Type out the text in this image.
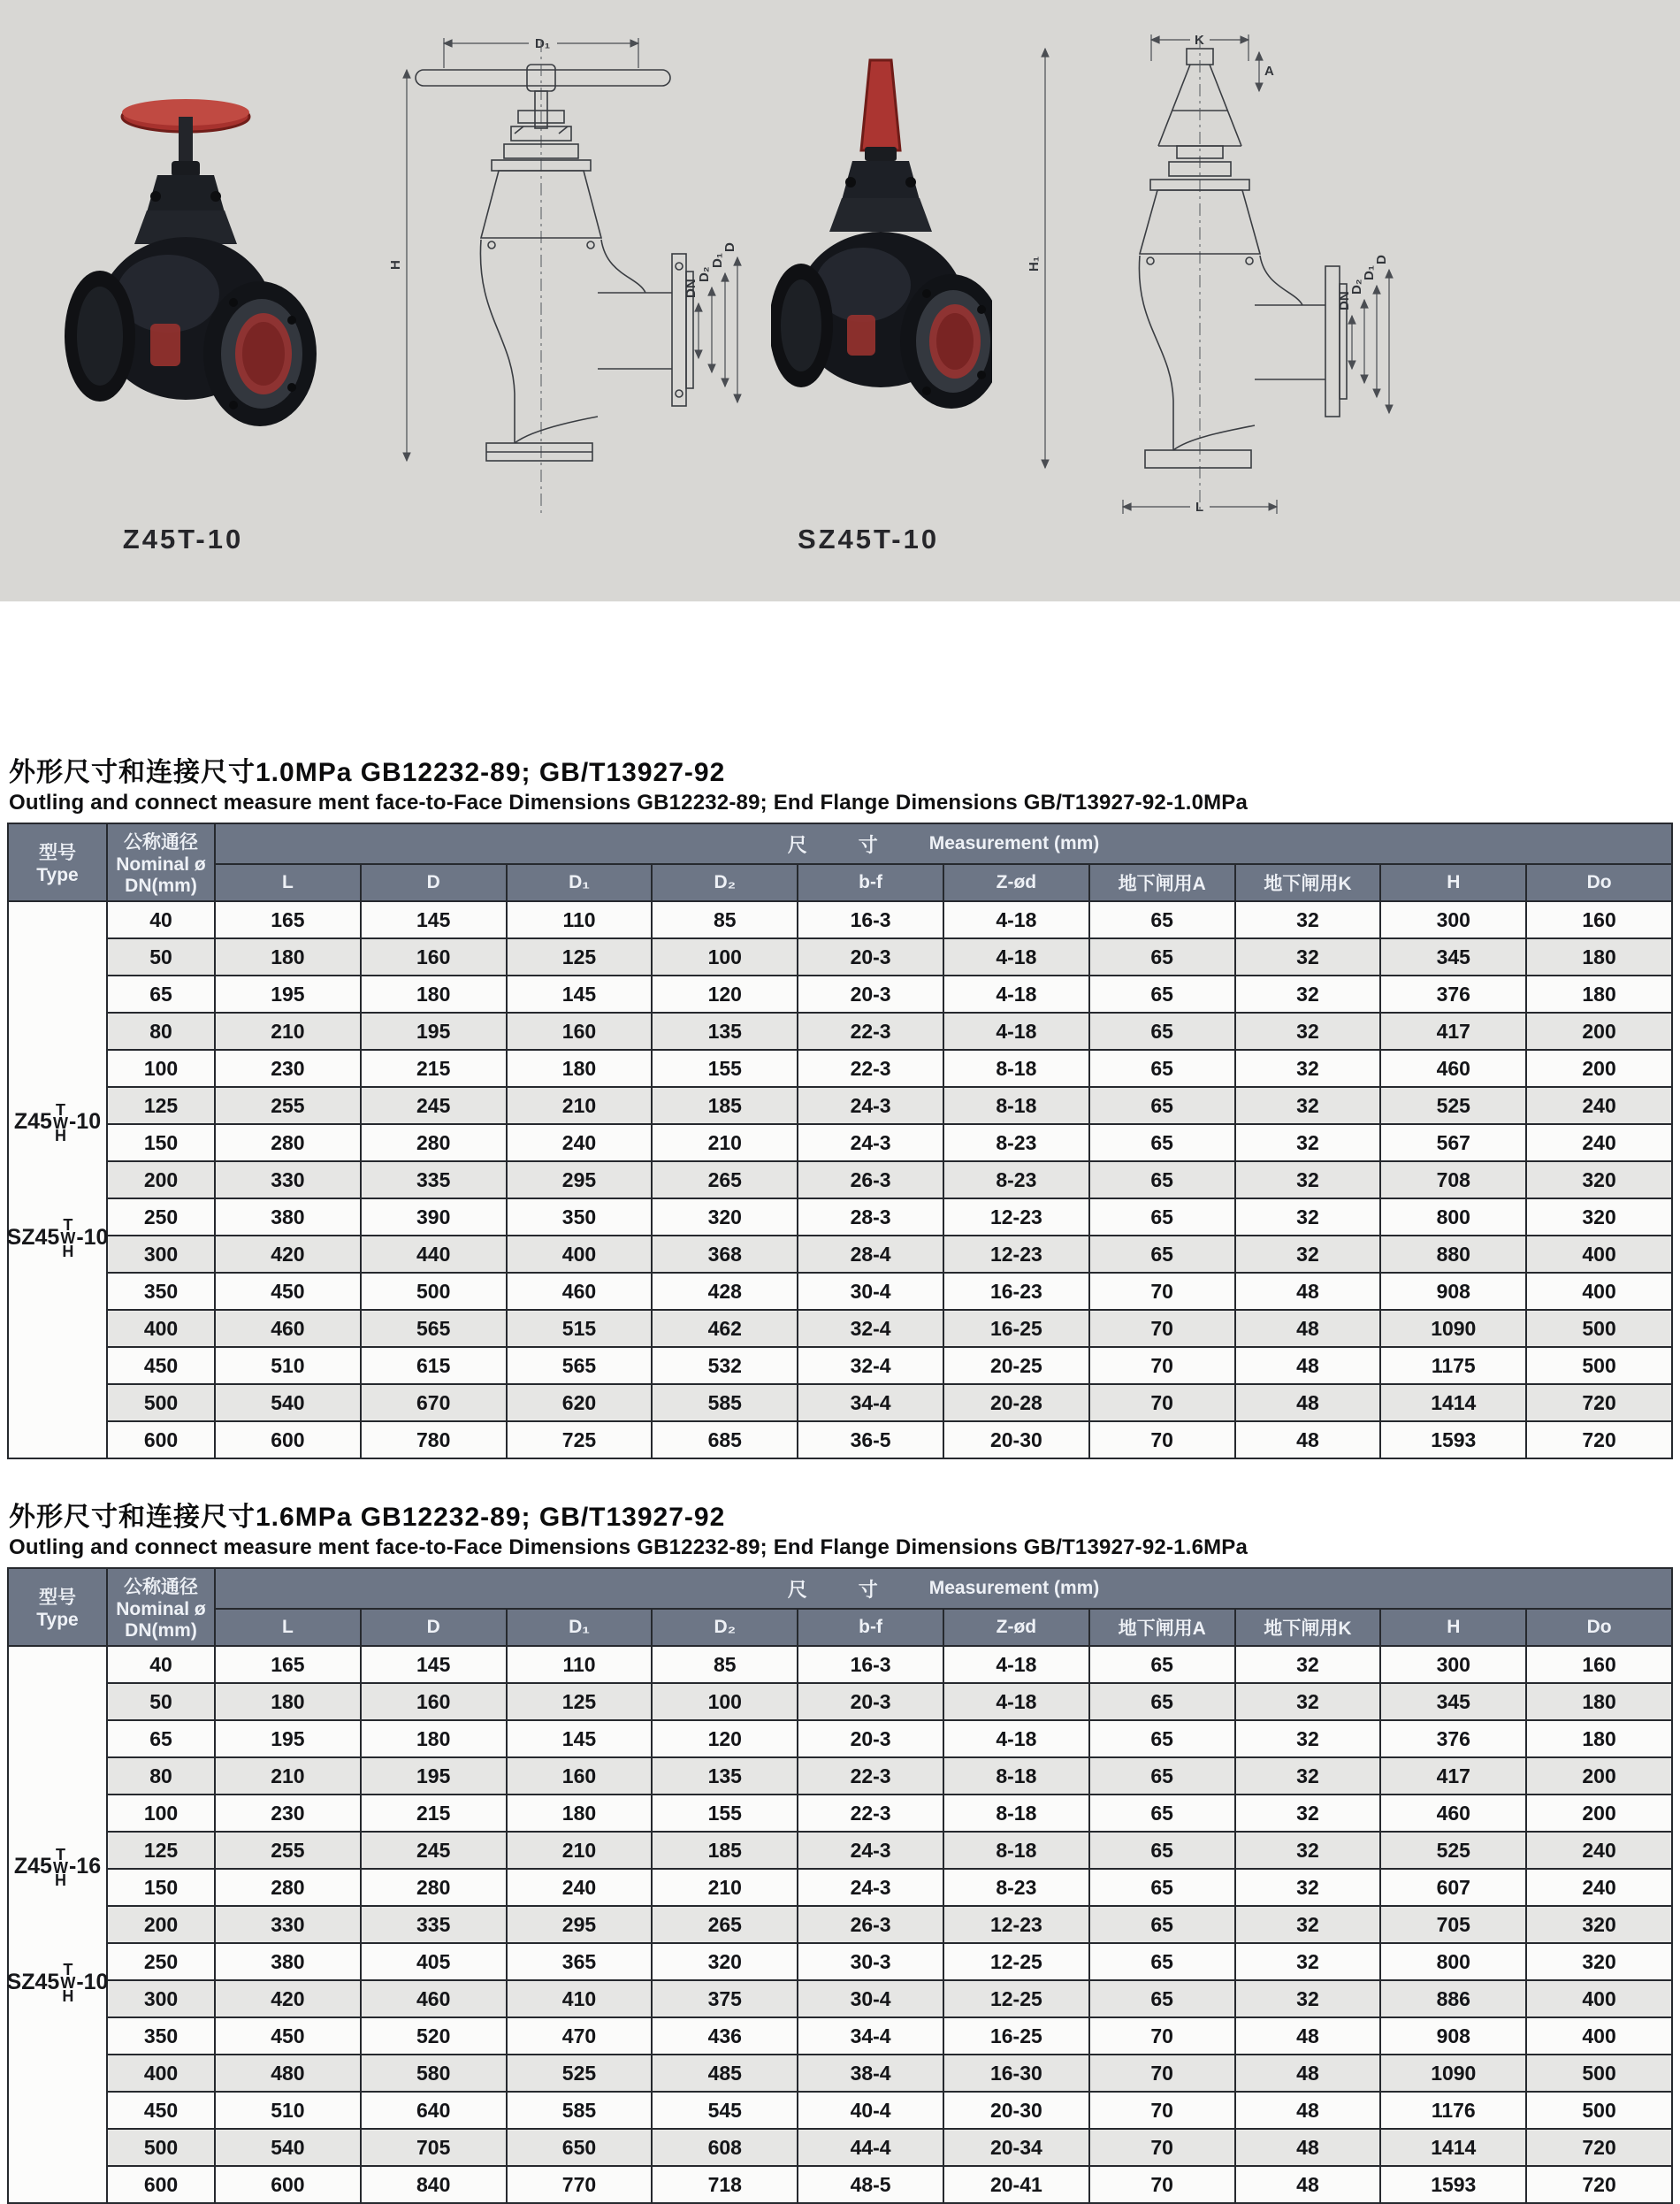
Z45T-10
D₁
H
DN
D₂
D₁
D
SZ45T-10
K
A
H₁
DN
D₂
D₁
D
L

外形尺寸和连接尺寸1.0MPa GB12232-89; GB/T13927-92

Outling and connect measure ment face-to-Face Dimensions GB12232-89; End Flange Dimensions GB/T13927-92-1.0MPa

型号
Type	公称通径
Nominal ø
DN(mm)	尺 寸 Measurement (mm)									

		L	D	D₁	D₂	b-f	Z-ød	地下闸用A	地下闸用K	H	Do

Z45 T
W
H
-10
SZ45 T
W
H
-10
	40	165	145	110	85	16-3	4-18	65	32	300	160
	50	180	160	125	100	20-3	4-18	65	32	345	180
	65	195	180	145	120	20-3	4-18	65	32	376	180
	80	210	195	160	135	22-3	4-18	65	32	417	200
	100	230	215	180	155	22-3	8-18	65	32	460	200
	125	255	245	210	185	24-3	8-18	65	32	525	240
	150	280	280	240	210	24-3	8-23	65	32	567	240
	200	330	335	295	265	26-3	8-23	65	32	708	320
	250	380	390	350	320	28-3	12-23	65	32	800	320
	300	420	440	400	368	28-4	12-23	65	32	880	400
	350	450	500	460	428	30-4	16-23	70	48	908	400
	400	460	565	515	462	32-4	16-25	70	48	1090	500
	450	510	615	565	532	32-4	20-25	70	48	1175	500
	500	540	670	620	585	34-4	20-28	70	48	1414	720
	600	600	780	725	685	36-5	20-30	70	48	1593	720

外形尺寸和连接尺寸1.6MPa GB12232-89; GB/T13927-92

Outling and connect measure ment face-to-Face Dimensions GB12232-89; End Flange Dimensions GB/T13927-92-1.6MPa

型号
Type	公称通径
Nominal ø
DN(mm)	尺 寸 Measurement (mm)									

		L	D	D₁	D₂	b-f	Z-ød	地下闸用A	地下闸用K	H	Do

Z45 T
W
H
-16
SZ45 T
W
H
-10
	40	165	145	110	85	16-3	4-18	65	32	300	160
	50	180	160	125	100	20-3	4-18	65	32	345	180
	65	195	180	145	120	20-3	4-18	65	32	376	180
	80	210	195	160	135	22-3	8-18	65	32	417	200
	100	230	215	180	155	22-3	8-18	65	32	460	200
	125	255	245	210	185	24-3	8-18	65	32	525	240
	150	280	280	240	210	24-3	8-23	65	32	607	240
	200	330	335	295	265	26-3	12-23	65	32	705	320
	250	380	405	365	320	30-3	12-25	65	32	800	320
	300	420	460	410	375	30-4	12-25	65	32	886	400
	350	450	520	470	436	34-4	16-25	70	48	908	400
	400	480	580	525	485	38-4	16-30	70	48	1090	500
	450	510	640	585	545	40-4	20-30	70	48	1176	500
	500	540	705	650	608	44-4	20-34	70	48	1414	720
	600	600	840	770	718	48-5	20-41	70	48	1593	720
